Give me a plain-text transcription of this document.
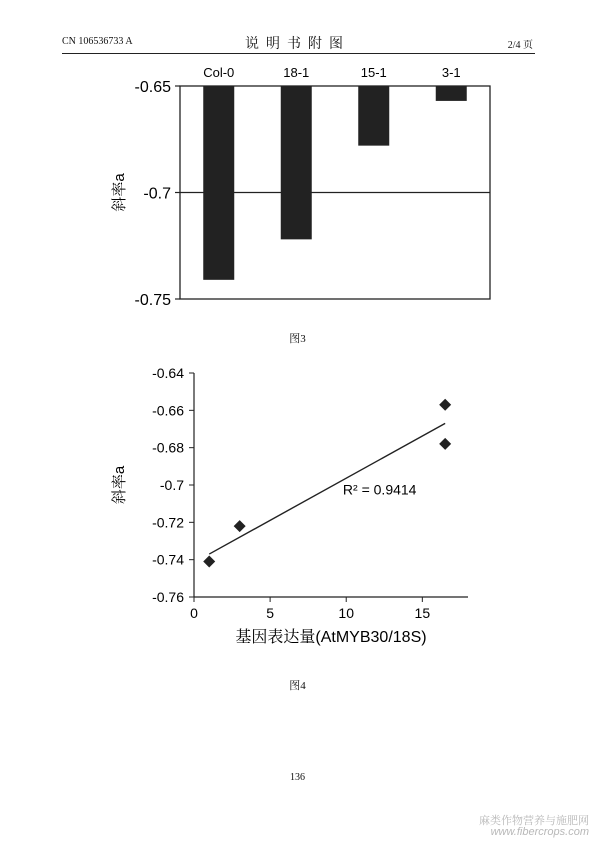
CN 106536733 A	说明书附图	2/4 页
-0.75
-0.7
-0.65
Col-0	18-1	15-1	3-1
斜率a
图3
-0.76
-0.74
-0.72
-0.7
-0.68
-0.66
-0.64
0	5	10	15
R² = 0.9414
基因表达量(AtMYB30/18S)
斜率a
图4
136
麻类作物营养与施肥网
www.fibercrops.com
